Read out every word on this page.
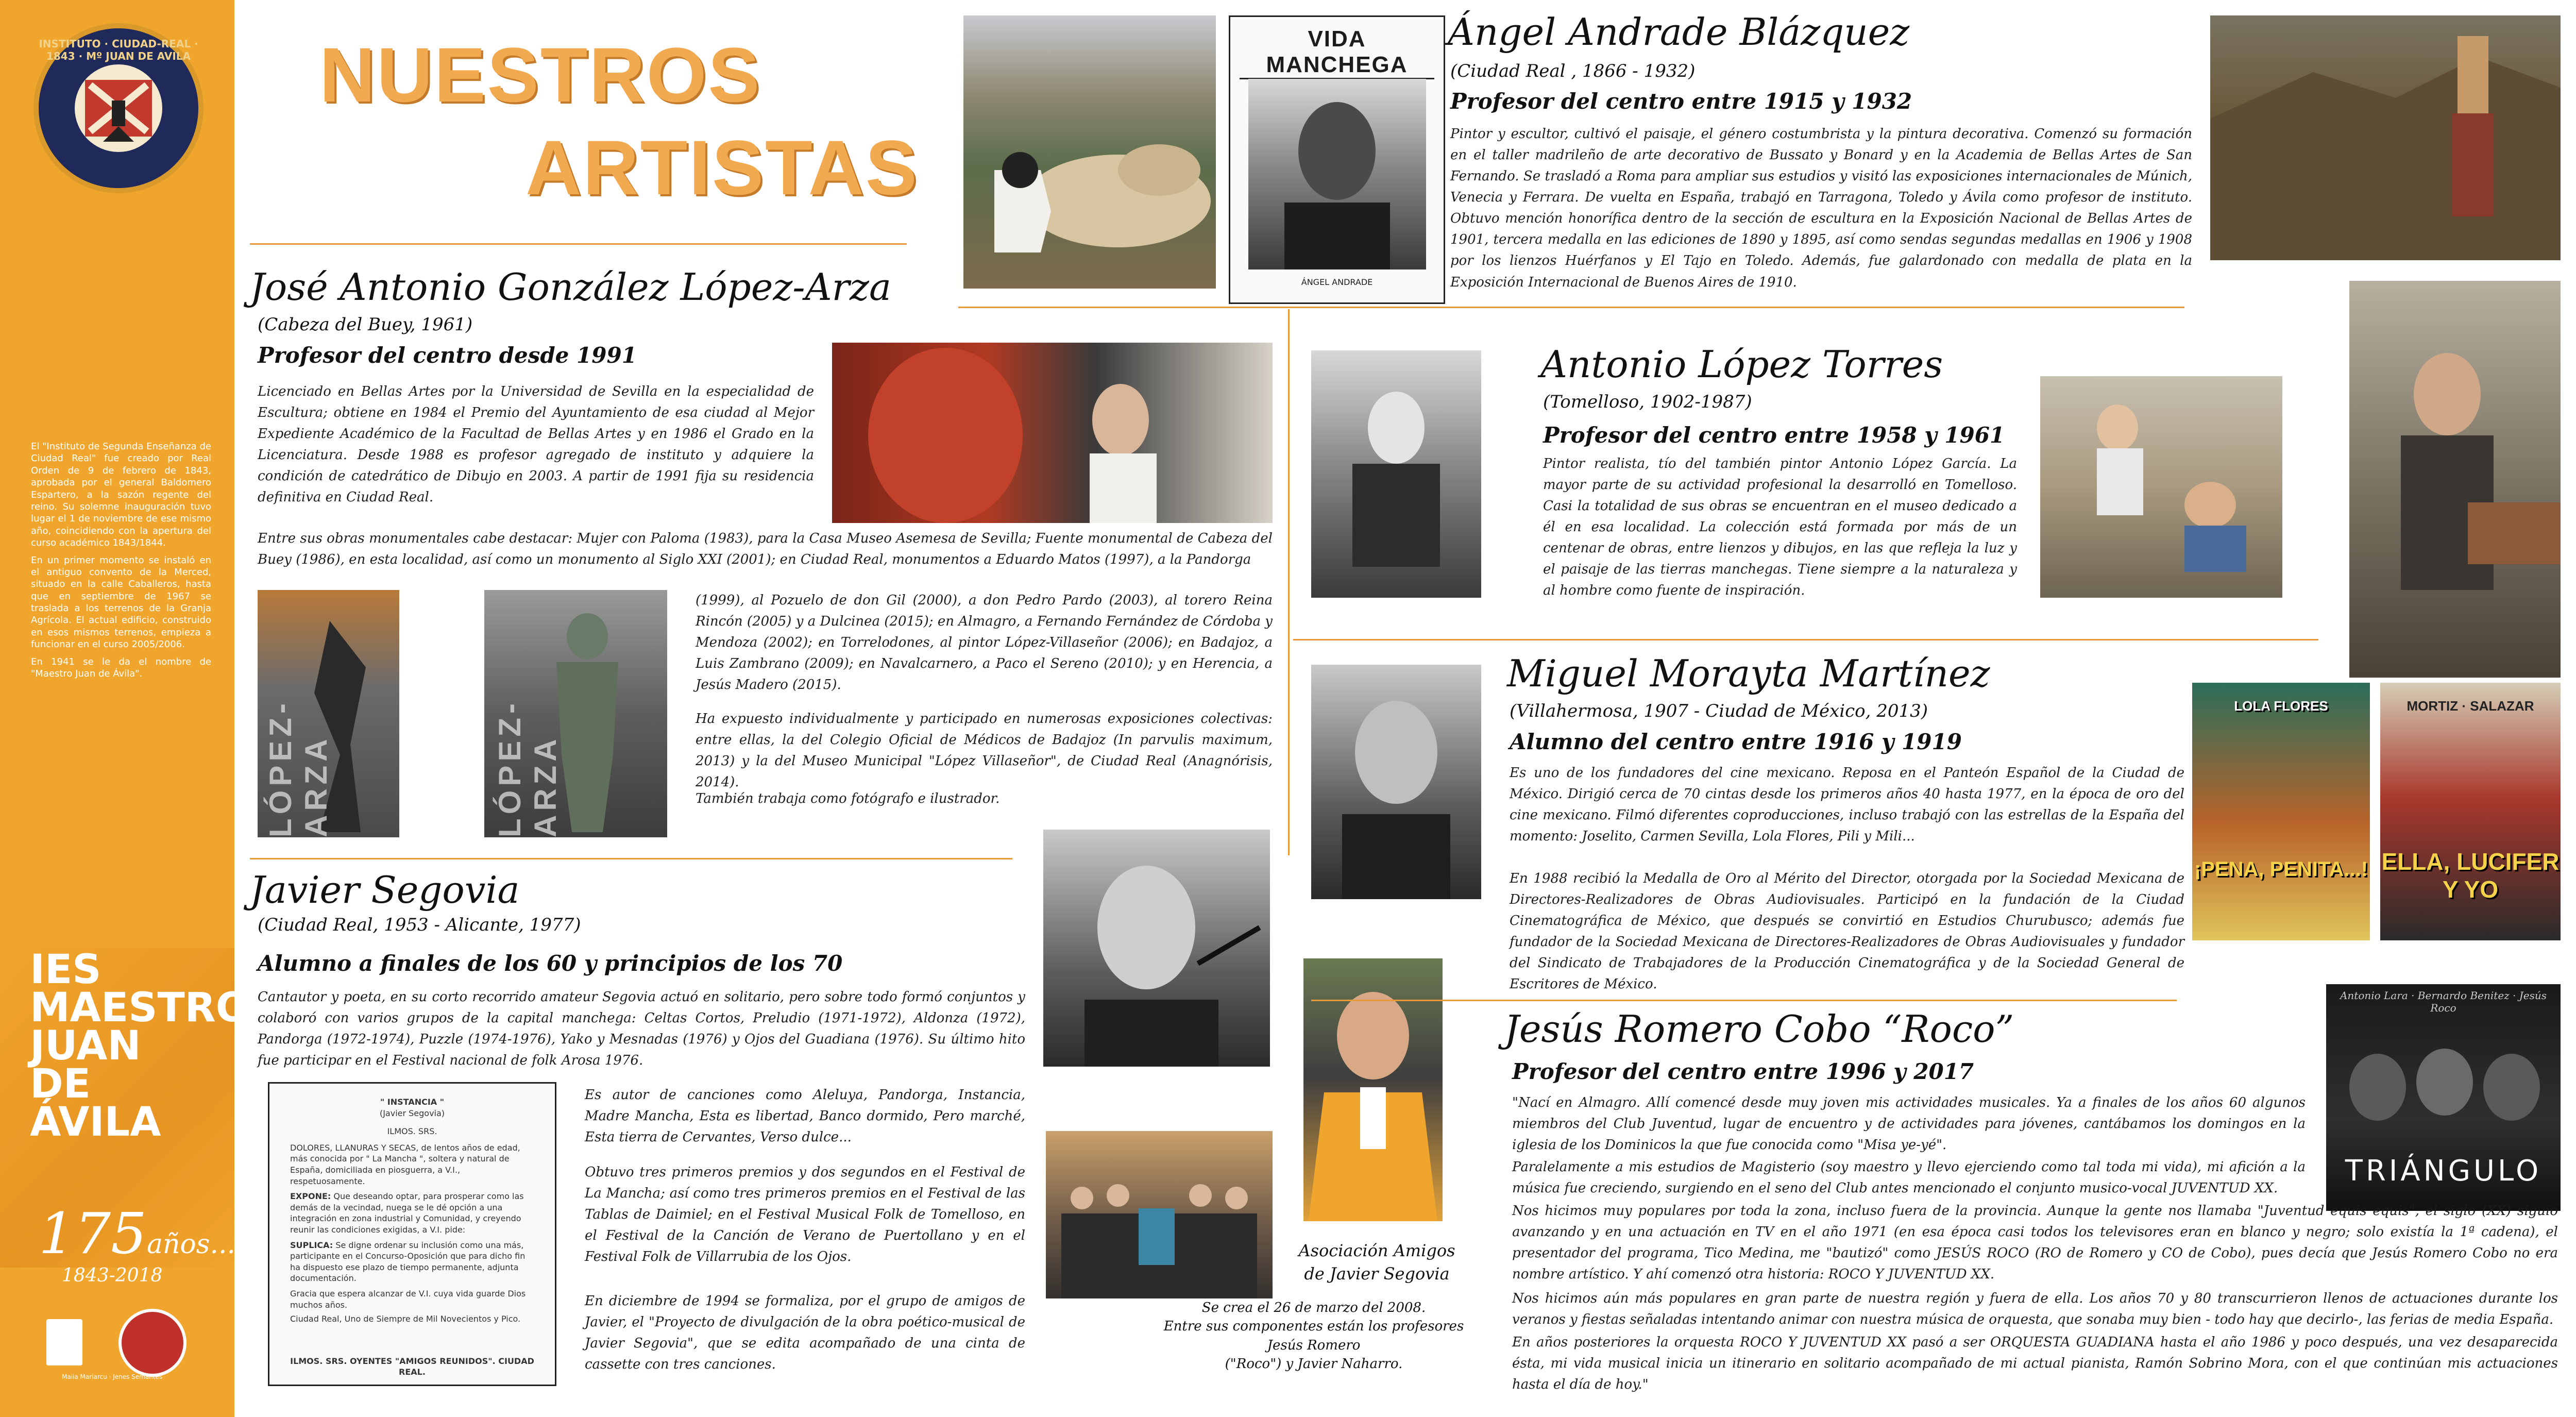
INSTITUTO · CIUDAD-REAL · 1843 · Mº JUAN DE AVILA

El "Instituto de Segunda Enseñanza de Ciudad Real" fue creado por Real Orden de 9 de febrero de 1843, aprobada por el general Baldomero Espartero, a la sazón regente del reino. Su solemne inauguración tuvo lugar el 1 de noviembre de ese mismo año, coincidiendo con la apertura del curso académico 1843/1844.

En un primer momento se instaló en el antiguo convento de la Merced, situado en la calle Caballeros, hasta que en septiembre de 1967 se traslada a los terrenos de la Granja Agrícola. El actual edificio, construido en esos mismos terrenos, empieza a funcionar en el curso 2005/2006.

En 1941 se le da el nombre de "Maestro Juan de Ávila".

IES
MAESTRO
JUAN
DE
ÁVILA
175años...
1843-2018
Maiia Mariarcu · Jenes Semantes
NUESTROS
ARTISTAS
José Antonio González López-Arza
(Cabeza del Buey, 1961)
Profesor del centro desde 1991
Licenciado en Bellas Artes por la Universidad de Sevilla en la especialidad de Escultura; obtiene en 1984 el Premio del Ayuntamiento de esa ciudad al Mejor Expediente Académico de la Facultad de Bellas Artes y en 1986 el Grado en la Licenciatura. Desde 1988 es profesor agregado de instituto y adquiere la condición de catedrático de Dibujo en 2003. A partir de 1991 fija su residencia definitiva en Ciudad Real.
Entre sus obras monumentales cabe destacar: Mujer con Paloma (1983), para la Casa Museo Asemesa de Sevilla; Fuente monumental de Cabeza del Buey (1986), en esta localidad, así como un monumento al Siglo XXI (2001); en Ciudad Real, monumentos a Eduardo Matos (1997), a la Pandorga
LÓPEZ-ARZA	LÓPEZ-ARZA
(1999), al Pozuelo de don Gil (2000), a don Pedro Pardo (2003), al torero Reina Rincón (2005) y a Dulcinea (2015); en Almagro, a Fernando Fernández de Córdoba y Mendoza (2002); en Torrelodones, al pintor López-Villaseñor (2006); en Badajoz, a Luis Zambrano (2009); en Navalcarnero, a Paco el Sereno (2010); y en Herencia, a Jesús Madero (2015).
Ha expuesto individualmente y participado en numerosas exposiciones colectivas: entre ellas, la del Colegio Oficial de Médicos de Badajoz (In parvulis maximum, 2013) y la del Museo Municipal "López Villaseñor", de Ciudad Real (Anagnórisis, 2014).
También trabaja como fotógrafo e ilustrador.
Javier Segovia
(Ciudad Real, 1953 - Alicante, 1977)
Alumno a finales de los 60 y principios de los 70
Cantautor y poeta, en su corto recorrido amateur Segovia actuó en solitario, pero sobre todo formó conjuntos y colaboró con varios grupos de la capital manchega: Celtas Cortos, Preludio (1971-1972), Aldonza (1972), Pandorga (1972-1974), Puzzle (1974-1976), Yako y Mesnadas (1976) y Ojos del Guadiana (1976). Su último hito fue participar en el Festival nacional de folk Arosa 1976.
" INSTANCIA "
(Javier Segovia)
ILMOS. SRS.
DOLORES, LLANURAS Y SECAS, de lentos años de edad, más conocida por " La Mancha ", soltera y natural de España, domiciliada en piosguerra, a V.I., respetuosamente.
EXPONE: Que deseando optar, para prosperar como las demás de la vecindad, nuega se le dé opción a una integración en zona industrial y Comunidad, y creyendo reunir las condiciones exigidas, a V.I. pide:
SUPLICA: Se digne ordenar su inclusión como una más, participante en el Concurso-Oposición que para dicho fin ha dispuesto ese plazo de tiempo permanente, adjunta documentación.
Gracia que espera alcanzar de V.I. cuya vida guarde Dios muchos años.
Ciudad Real, Uno de Siempre de Mil Novecientos y Pico.
ILMOS. SRS. OYENTES "AMIGOS REUNIDOS". CIUDAD REAL.
Es autor de canciones como Aleluya, Pandorga, Instancia, Madre Mancha, Esta es libertad, Banco dormido, Pero marché, Esta tierra de Cervantes, Verso dulce...
Obtuvo tres primeros premios y dos segundos en el Festival de La Mancha; así como tres primeros premios en el Festival de las Tablas de Daimiel; en el Festival Musical Folk de Tomelloso, en el Festival de la Canción de Verano de Puertollano y en el Festival Folk de Villarrubia de los Ojos.
En diciembre de 1994 se formaliza, por el grupo de amigos de Javier, el "Proyecto de divulgación de la obra poético-musical de Javier Segovia", que se edita acompañado de una cinta de cassette con tres canciones.
Se crea el 26 de marzo del 2008.
Entre sus componentes están los profesores Jesús Romero
("Roco") y Javier Naharro.
Asociación Amigos
de Javier Segovia
VIDA MANCHEGA
ÁNGEL ANDRADE
Ángel Andrade Blázquez
(Ciudad Real , 1866 - 1932)
Profesor del centro entre 1915 y 1932
Pintor y escultor, cultivó el paisaje, el género costumbrista y la pintura decorativa. Comenzó su formación en el taller madrileño de arte decorativo de Bussato y Bonard y en la Academia de Bellas Artes de San Fernando. Se trasladó a Roma para ampliar sus estudios y visitó las exposiciones internacionales de Múnich, Venecia y Ferrara. De vuelta en España, trabajó en Tarragona, Toledo y Ávila como profesor de instituto. Obtuvo mención honorífica dentro de la sección de escultura en la Exposición Nacional de Bellas Artes de 1901, tercera medalla en las ediciones de 1890 y 1895, así como sendas segundas medallas en 1906 y 1908 por los lienzos Huérfanos y El Tajo en Toledo. Además, fue galardonado con medalla de plata en la Exposición Internacional de Buenos Aires de 1910.
Antonio López Torres
(Tomelloso, 1902-1987)
Profesor del centro entre 1958 y 1961
Pintor realista, tío del también pintor Antonio López García. La mayor parte de su actividad profesional la desarrolló en Tomelloso. Casi la totalidad de sus obras se encuentran en el museo dedicado a él en esa localidad. La colección está formada por más de un centenar de obras, entre lienzos y dibujos, en las que refleja la luz y el paisaje de las tierras manchegas. Tiene siempre a la naturaleza y al hombre como fuente de inspiración.
Miguel Morayta Martínez
(Villahermosa, 1907 - Ciudad de México, 2013)
Alumno del centro entre 1916 y 1919
Es uno de los fundadores del cine mexicano. Reposa en el Panteón Español de la Ciudad de México. Dirigió cerca de 70 cintas desde los primeros años 40 hasta 1977, en la época de oro del cine mexicano. Filmó diferentes coproducciones, incluso trabajó con las estrellas de la España del momento: Joselito, Carmen Sevilla, Lola Flores, Pili y Mili...
En 1988 recibió la Medalla de Oro al Mérito del Director, otorgada por la Sociedad Mexicana de Directores-Realizadores de Obras Audiovisuales. Participó en la fundación de la Ciudad Cinematográfica de México, que después se convirtió en Estudios Churubusco; además fue fundador de la Sociedad Mexicana de Directores-Realizadores de Obras Audiovisuales y fundador del Sindicato de Trabajadores de la Producción Cinematográfica y de la Sociedad General de Escritores de México.
LOLA FLORES
¡PENA, PENITA...!
MORTIZ · SALAZAR
ELLA, LUCIFER Y YO
Jesús Romero Cobo “Roco”
Profesor del centro entre 1996 y 2017
Antonio Lara · Bernardo Benitez · Jesús Roco
TRIÁNGULO
"Nací en Almagro. Allí comencé desde muy joven mis actividades musicales. Ya a finales de los años 60 algunos miembros del Club Juventud, lugar de encuentro y de actividades para jóvenes, cantábamos los domingos en la iglesia de los Dominicos la que fue conocida como "Misa ye-yé".
Paralelamente a mis estudios de Magisterio (soy maestro y llevo ejerciendo como tal toda mi vida), mi afición a la música fue creciendo, surgiendo en el seno del Club antes mencionado el conjunto musico-vocal JUVENTUD XX.
Nos hicimos muy populares por toda la zona, incluso fuera de la provincia. Aunque la gente nos llamaba "Juventud equis equis", el siglo (XX) siguió avanzando y en una actuación en TV en el año 1971 (en esa época casi todos los televisores eran en blanco y negro; solo existía la 1ª cadena), el presentador del programa, Tico Medina, me "bautizó" como JESÚS ROCO (RO de Romero y CO de Cobo), pues decía que Jesús Romero Cobo no era nombre artístico. Y ahí comenzó otra historia: ROCO Y JUVENTUD XX.
Nos hicimos aún más populares en gran parte de nuestra región y fuera de ella. Los años 70 y 80 transcurrieron llenos de actuaciones durante los veranos y fiestas señaladas intentando animar con nuestra música de orquesta, que sonaba muy bien - todo hay que decirlo-, las ferias de media España.
En años posteriores la orquesta ROCO Y JUVENTUD XX pasó a ser ORQUESTA GUADIANA hasta el año 1986 y poco después, una vez desaparecida ésta, mi vida musical inicia un itinerario en solitario acompañado de mi actual pianista, Ramón Sobrino Mora, con el que continúan mis actuaciones hasta el día de hoy."
